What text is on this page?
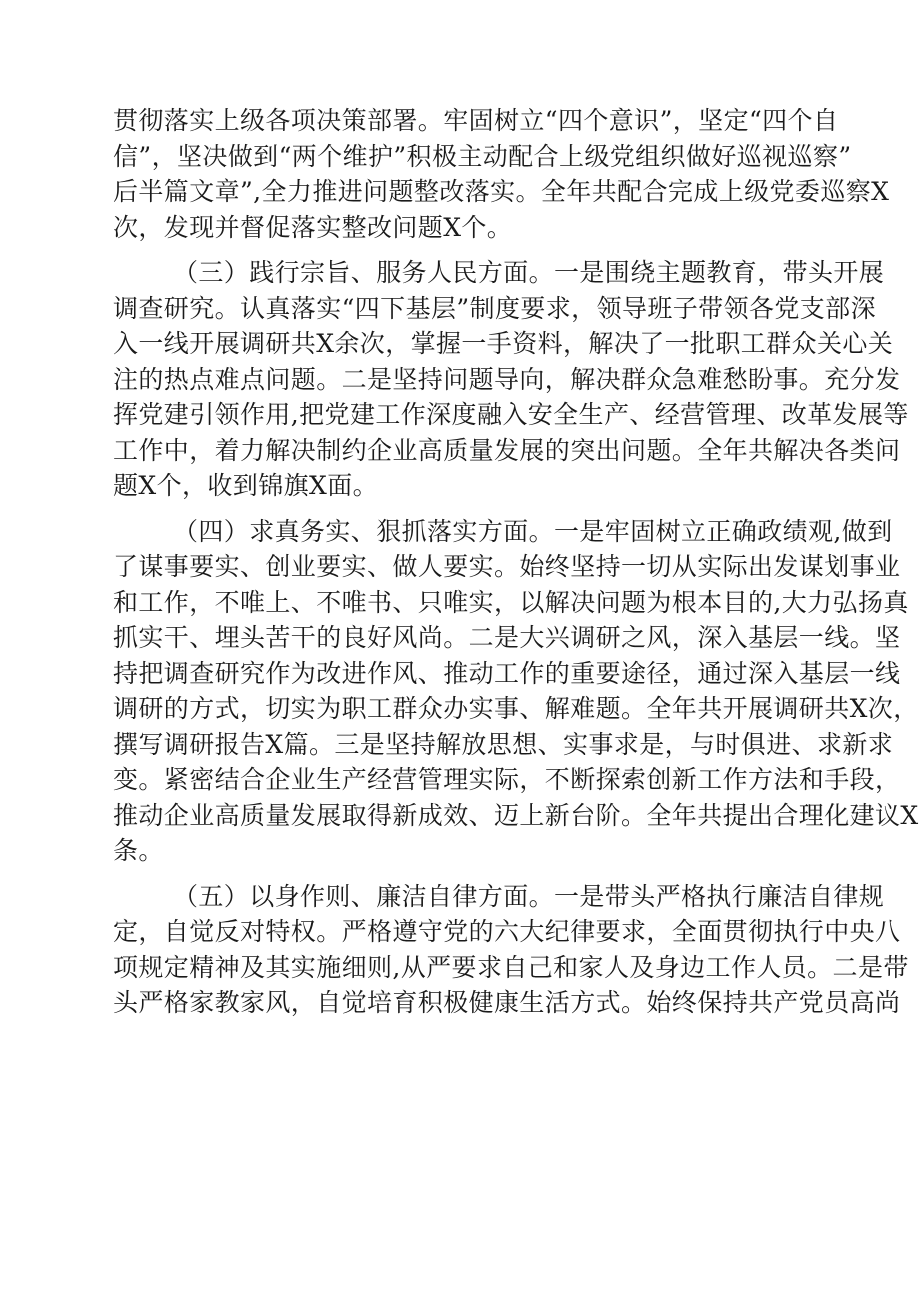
贯彻落实上级各项决策部署。牢固树立“四个意识”，坚定“四个自
信”，坚决做到“两个维护”积极主动配合上级党组织做好巡视巡察”
后半篇文章”,全力推进问题整改落实。全年共配合完成上级党委巡察X
次，发现并督促落实整改问题X个。

（三）践行宗旨、服务人民方面。一是围绕主题教育，带头开展
调查研究。认真落实“四下基层”制度要求，领导班子带领各党支部深
入一线开展调研共X余次，掌握一手资料，解决了一批职工群众关心关
注的热点难点问题。二是坚持问题导向，解决群众急难愁盼事。充分发
挥党建引领作用,把党建工作深度融入安全生产、经营管理、改革发展等
工作中，着力解决制约企业高质量发展的突出问题。全年共解决各类问
题X个，收到锦旗X面。

（四）求真务实、狠抓落实方面。一是牢固树立正确政绩观,做到
了谋事要实、创业要实、做人要实。始终坚持一切从实际出发谋划事业
和工作，不唯上、不唯书、只唯实，以解决问题为根本目的,大力弘扬真
抓实干、埋头苦干的良好风尚。二是大兴调研之风，深入基层一线。坚
持把调查研究作为改进作风、推动工作的重要途径，通过深入基层一线
调研的方式，切实为职工群众办实事、解难题。全年共开展调研共X次，
撰写调研报告X篇。三是坚持解放思想、实事求是，与时俱进、求新求
变。紧密结合企业生产经营管理实际，不断探索创新工作方法和手段，
推动企业高质量发展取得新成效、迈上新台阶。全年共提出合理化建议X
条。

（五）以身作则、廉洁自律方面。一是带头严格执行廉洁自律规
定，自觉反对特权。严格遵守党的六大纪律要求，全面贯彻执行中央八
项规定精神及其实施细则,从严要求自己和家人及身边工作人员。二是带
头严格家教家风，自觉培育积极健康生活方式。始终保持共产党员高尚
